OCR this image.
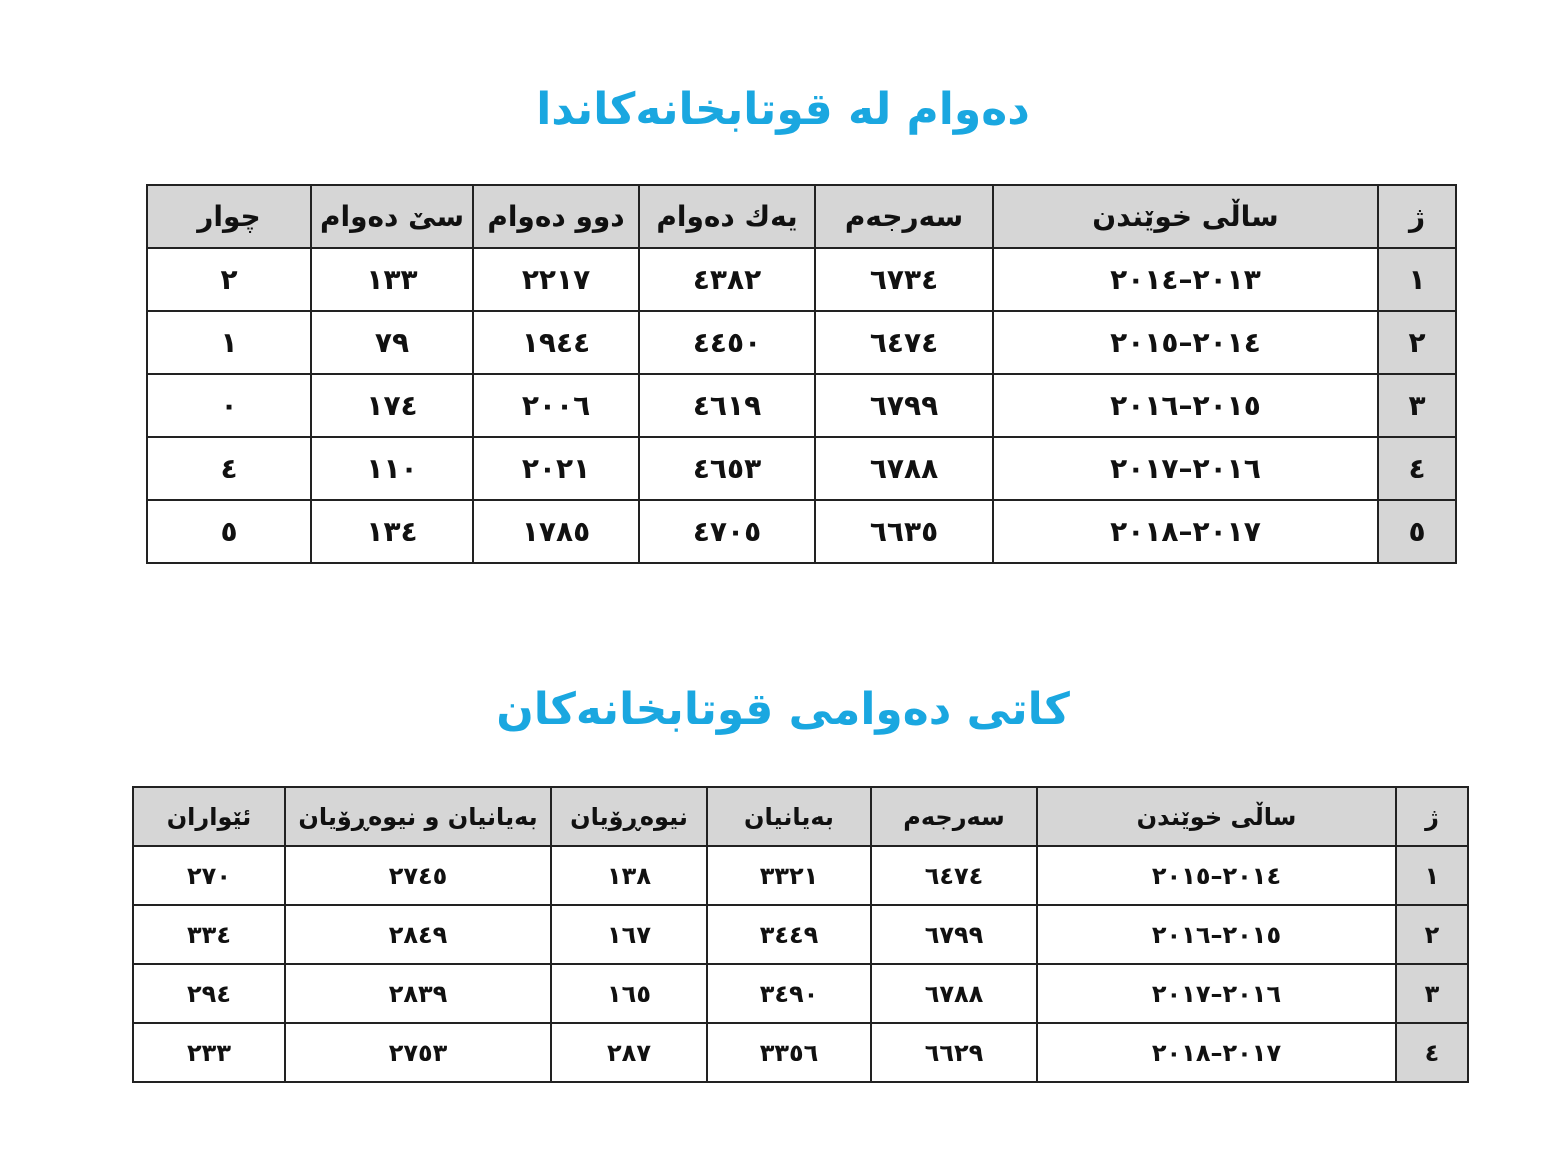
دەوام لە قوتابخانەكاندا
ژ	ساڵی خوێندن	سەرجەم	یەك دەوام	دوو دەوام	سێ دەوام	چوار
١	٢٠١٣–٢٠١٤	٦٧٣٤	٤٣٨٢	٢٢١٧	١٣٣	٢
٢	٢٠١٤–٢٠١٥	٦٤٧٤	٤٤٥٠	١٩٤٤	٧٩	١
٣	٢٠١٥–٢٠١٦	٦٧٩٩	٤٦١٩	٢٠٠٦	١٧٤	٠
٤	٢٠١٦–٢٠١٧	٦٧٨٨	٤٦٥٣	٢٠٢١	١١٠	٤
٥	٢٠١٧–٢٠١٨	٦٦٣٥	٤٧٠٥	١٧٨٥	١٣٤	٥
كاتی دەوامی قوتابخانەكان
ژ	ساڵی خوێندن	سەرجەم	بەیانیان	نیوەڕۆیان	بەیانیان و نیوەڕۆیان	ئێواران
١	٢٠١٤–٢٠١٥	٦٤٧٤	٣٣٢١	١٣٨	٢٧٤٥	٢٧٠
٢	٢٠١٥–٢٠١٦	٦٧٩٩	٣٤٤٩	١٦٧	٢٨٤٩	٣٣٤
٣	٢٠١٦–٢٠١٧	٦٧٨٨	٣٤٩٠	١٦٥	٢٨٣٩	٢٩٤
٤	٢٠١٧–٢٠١٨	٦٦٢٩	٣٣٥٦	٢٨٧	٢٧٥٣	٢٣٣
